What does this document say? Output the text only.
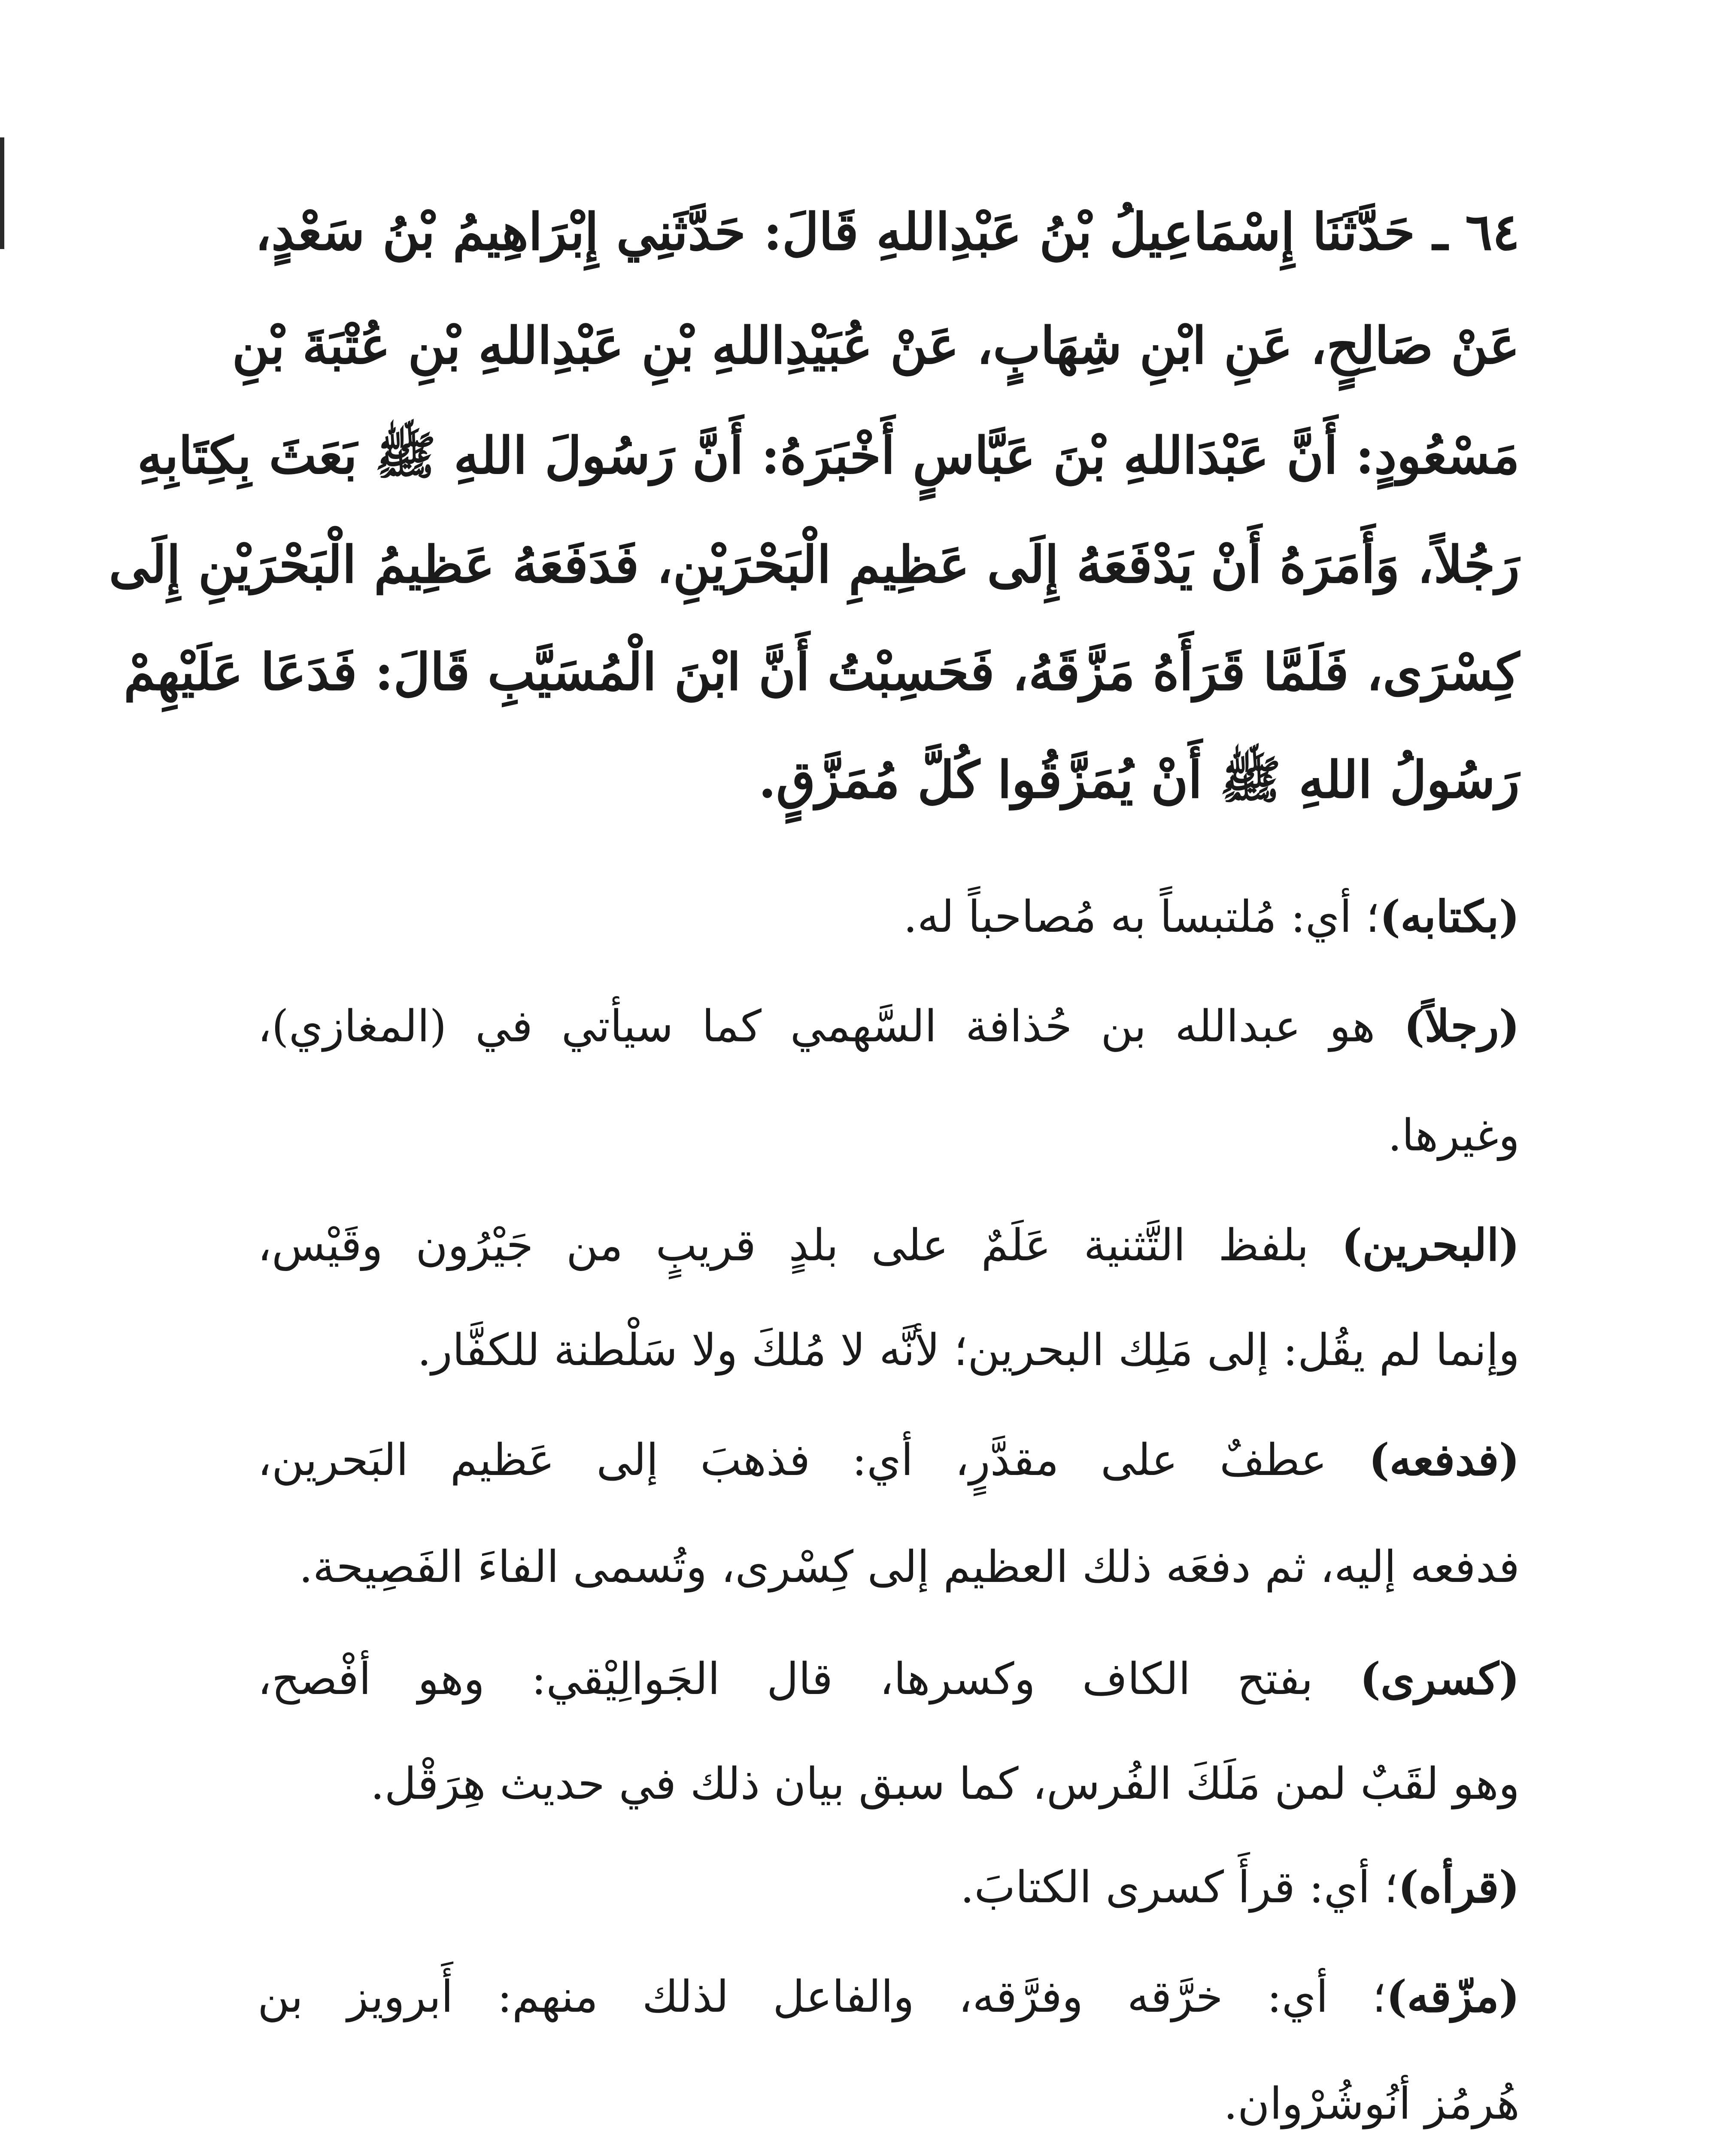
٦٤ ـ حَدَّثَنَا إِسْمَاعِيلُ بْنُ عَبْدِاللهِ قَالَ: حَدَّثَنِي إِبْرَاهِيمُ بْنُ سَعْدٍ،
عَنْ صَالِحٍ، عَنِ ابْنِ شِهَابٍ، عَنْ عُبَيْدِاللهِ بْنِ عَبْدِاللهِ بْنِ عُتْبَةَ بْنِ
مَسْعُودٍ: أَنَّ عَبْدَاللهِ بْنَ عَبَّاسٍ أَخْبَرَهُ: أَنَّ رَسُولَ اللهِ ﷺ بَعَثَ بِكِتَابِهِ
رَجُلاً، وَأَمَرَهُ أَنْ يَدْفَعَهُ إِلَى عَظِيمِ الْبَحْرَيْنِ، فَدَفَعَهُ عَظِيمُ الْبَحْرَيْنِ إِلَى
كِسْرَى، فَلَمَّا قَرَأَهُ مَزَّقَهُ، فَحَسِبْتُ أَنَّ ابْنَ الْمُسَيَّبِ قَالَ: فَدَعَا عَلَيْهِمْ
رَسُولُ اللهِ ﷺ أَنْ يُمَزَّقُوا كُلَّ مُمَزَّقٍ.
(بكتابه)؛ أي: مُلتبساً به مُصاحباً له.
(رجلاً) هو عبدالله بن حُذافة السَّهمي كما سيأتي في (المغازي)،
وغيرها.
(البحرين) بلفظ التَّثنية عَلَمٌ على بلدٍ قريبٍ من جَيْرُون وقَيْس،
وإنما لم يقُل: إلى مَلِك البحرين؛ لأنَّه لا مُلكَ ولا سَلْطنة للكفَّار.
(فدفعه) عطفٌ على مقدَّرٍ، أي: فذهبَ إلى عَظيم البَحرين،
فدفعه إليه، ثم دفعَه ذلك العظيم إلى كِسْرى، وتُسمى الفاءَ الفَصِيحة.
(كسرى) بفتح الكاف وكسرها، قال الجَوالِيْقي: وهو أفْصح،
وهو لقَبٌ لمن مَلَكَ الفُرس، كما سبق بيان ذلك في حديث هِرَقْل.
(قرأه)؛ أي: قرأَ كسرى الكتابَ.
(مزّقه)؛ أي: خرَّقه وفرَّقه، والفاعل لذلك منهم: أَبرويز بن
هُرمُز أنُوشُرْوان.
